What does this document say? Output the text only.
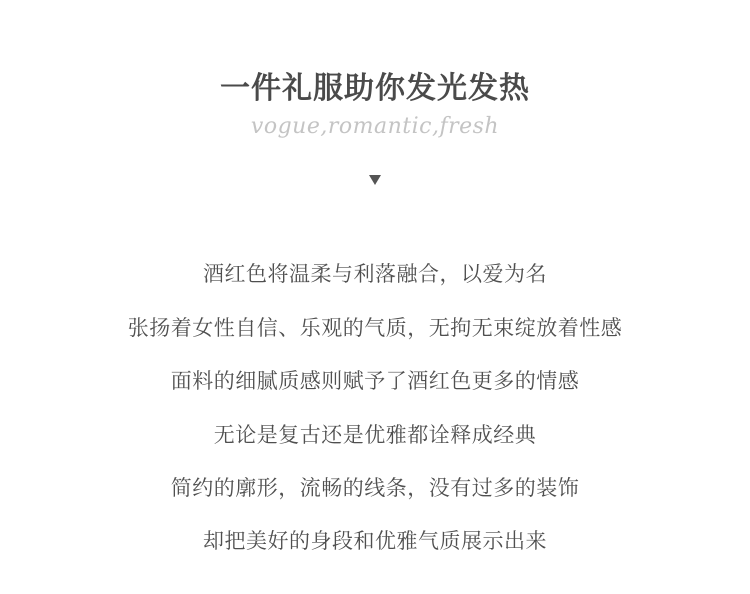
一件礼服助你发光发热
vogue,romantic,fresh
酒红色将温柔与利落融合，以爱为名
张扬着女性自信、乐观的气质，无拘无束绽放着性感
面料的细腻质感则赋予了酒红色更多的情感
无论是复古还是优雅都诠释成经典
简约的廓形，流畅的线条，没有过多的装饰
却把美好的身段和优雅气质展示出来
